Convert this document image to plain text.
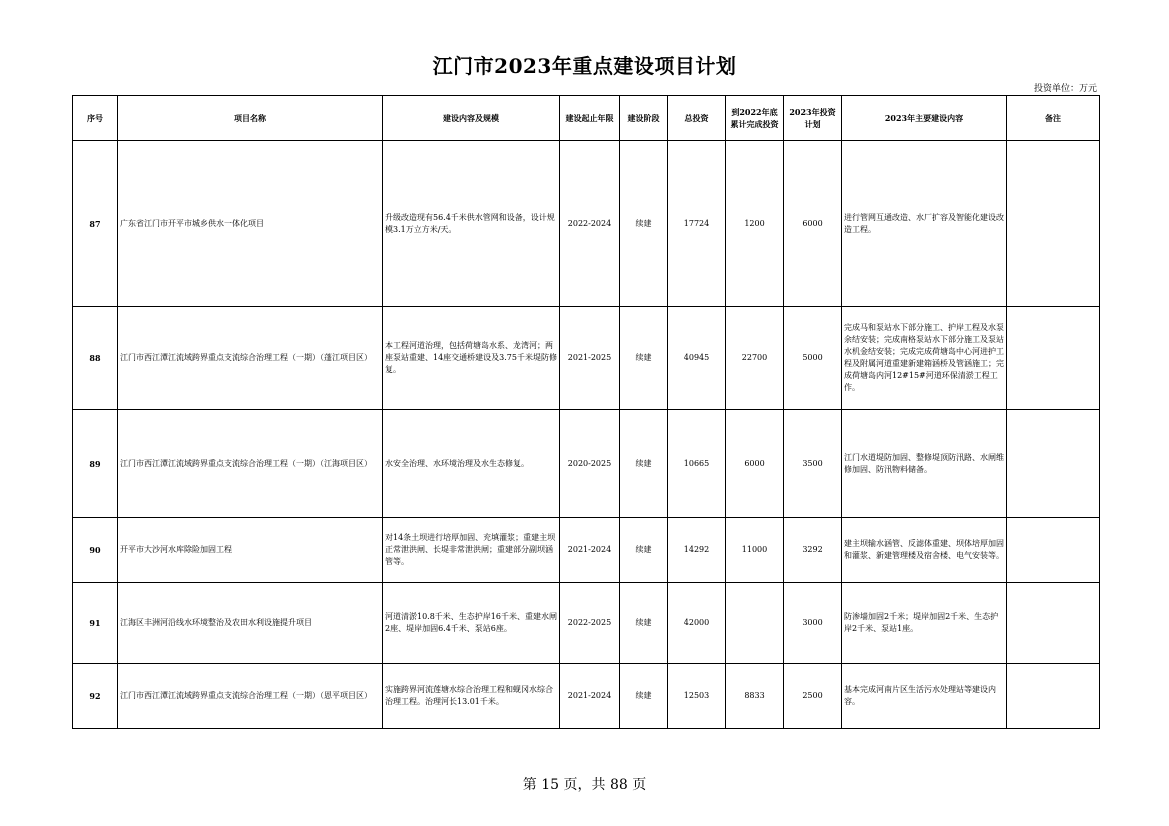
江门市2023年重点建设项目计划
投资单位：万元
序号	项目名称	建设内容及规模	建设起止年限	建设阶段	总投资	到2022年底累计完成投资	2023年投资计划	2023年主要建设内容	备注
87	广东省江门市开平市城乡供水一体化项目	升级改造现有56.4千米供水管网和设备，设计规模3.1万立方米/天。	2022-2024	续建	17724	1200	6000	进行管网互通改造、水厂扩容及智能化建设改造工程。	
88	江门市西江潭江流域跨界重点支流综合治理工程（一期）（蓬江项目区）	本工程河道治理，包括荷塘岛水系、龙湾河；两座泵站重建、14座交通桥建设及3.75千米堤防修复。	2021-2025	续建	40945	22700	5000	完成马和泵站水下部分施工、护岸工程及水泵余结安装；完成南格泵站水下部分施工及泵站水机金结安装；完成完成荷塘岛中心河进护工程及附属河道重建新建箱涵桥及管涵施工；完成荷塘岛内河12#15#河道环保清淤工程工作。	
89	江门市西江潭江流域跨界重点支流综合治理工程（一期）（江海项目区）	水安全治理、水环境治理及水生态修复。	2020-2025	续建	10665	6000	3500	江门水道堤防加固、整修堤顶防汛路、水闸维修加固、防汛物料储备。	
90	开平市大沙河水库除险加固工程	对14条土坝进行培厚加固、充填灌浆；重建主坝正常泄洪闸、长堤非常泄洪闸；重建部分副坝涵管等。	2021-2024	续建	14292	11000	3292	建主坝输水涵管、反滤体重建、坝体培厚加固和灌浆、新建管理楼及宿舍楼、电气安装等。	
91	江海区丰洲河沿线水环境整治及农田水利设施提升项目	河道清淤10.8千米、生态护岸16千米、重建水闸2座、堤岸加固6.4千米、泵站6座。	2022-2025	续建	42000		3000	防渗墙加固2千米；堤岸加固2千米、生态护岸2千米、泵站1座。	
92	江门市西江潭江流域跨界重点支流综合治理工程（一期）（恩平项目区）	实施跨界河流莲塘水综合治理工程和蚬冈水综合治理工程。治理河长13.01千米。	2021-2024	续建	12503	8833	2500	基本完成河南片区生活污水处理站等建设内容。	
第 15 页，共 88 页
